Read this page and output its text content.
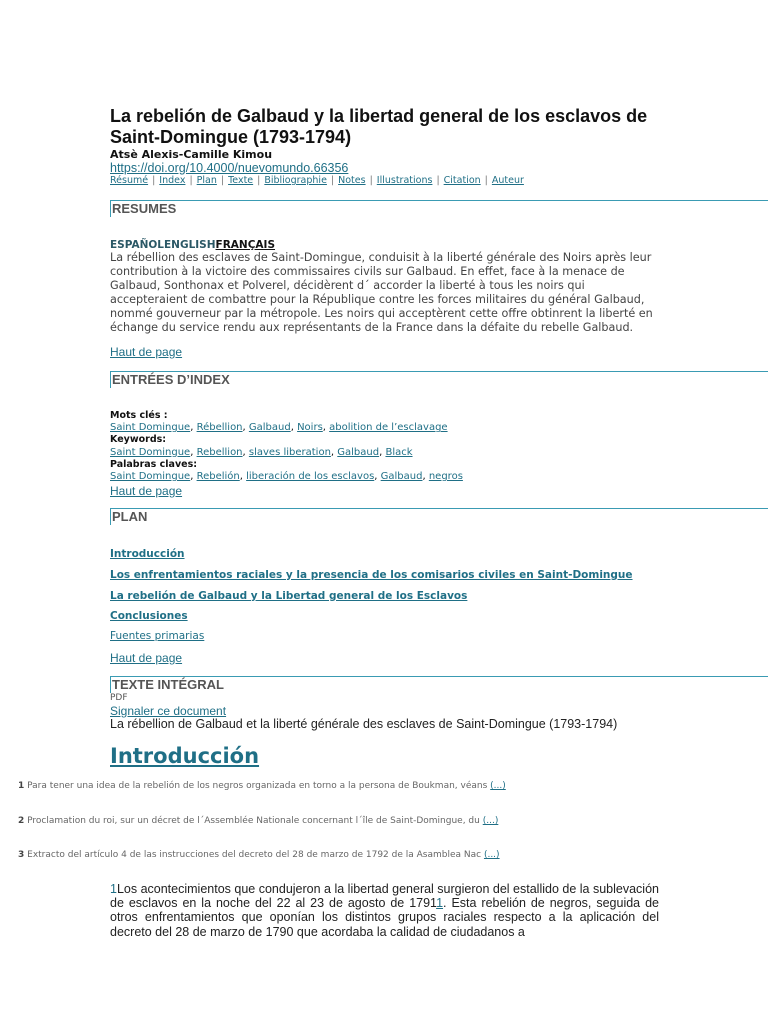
La rebelión de Galbaud y la libertad general de los esclavos de Saint-Domingue (1793-1794)
Atsè Alexis-Camille Kimou
https://doi.org/10.4000/nuevomundo.66356
Résumé | Index | Plan | Texte | Bibliographie | Notes | Illustrations | Citation | Auteur
RESUMES
ESPAÑOLENGLISHFRANÇAIS
La rébellion des esclaves de Saint-Domingue, conduisit à la liberté générale des Noirs après leur contribution à la victoire des commissaires civils sur Galbaud. En effet, face à la menace de Galbaud, Sonthonax et Polverel, décidèrent d´ accorder la liberté à tous les noirs qui accepteraient de combattre pour la République contre les forces militaires du général Galbaud, nommé gouverneur par la métropole. Les noirs qui acceptèrent cette offre obtinrent la liberté en échange du service rendu aux représentants de la France dans la défaite du rebelle Galbaud.
Haut de page
ENTRÉES D’INDEX
Mots clés :
Saint Domingue, Rébellion, Galbaud, Noirs, abolition de l’esclavage
Keywords:
Saint Domingue, Rebellion, slaves liberation, Galbaud, Black
Palabras claves:
Saint Domingue, Rebelión, liberación de los esclavos, Galbaud, negros
Haut de page
PLAN
Introducción
Los enfrentamientos raciales y la presencia de los comisarios civiles en Saint-Domingue
La rebelión de Galbaud y la Libertad general de los Esclavos
Conclusiones
Fuentes primarias
Haut de page
TEXTE INTÉGRAL
PDF
Signaler ce document
La rébellion de Galbaud et la liberté générale des esclaves de Saint-Domingue (1793-1794)
Introducción
1 Para tener una idea de la rebelión de los negros organizada en torno a la persona de Boukman, véans (...)
2 Proclamation du roi, sur un décret de l´Assemblée Nationale concernant l´île de Saint-Domingue, du (...)
3 Extracto del artículo 4 de las instrucciones del decreto del 28 de marzo de 1792 de la Asamblea Nac (...)
1Los acontecimientos que condujeron a la libertad general surgieron del estallido de la sublevación de esclavos en la noche del 22 al 23 de agosto de 17911. Esta rebelión de negros, seguida de otros enfrentamientos que oponían los distintos grupos raciales respecto a la aplicación del decreto del 28 de marzo de 1790 que acordaba la calidad de ciudadanos a
